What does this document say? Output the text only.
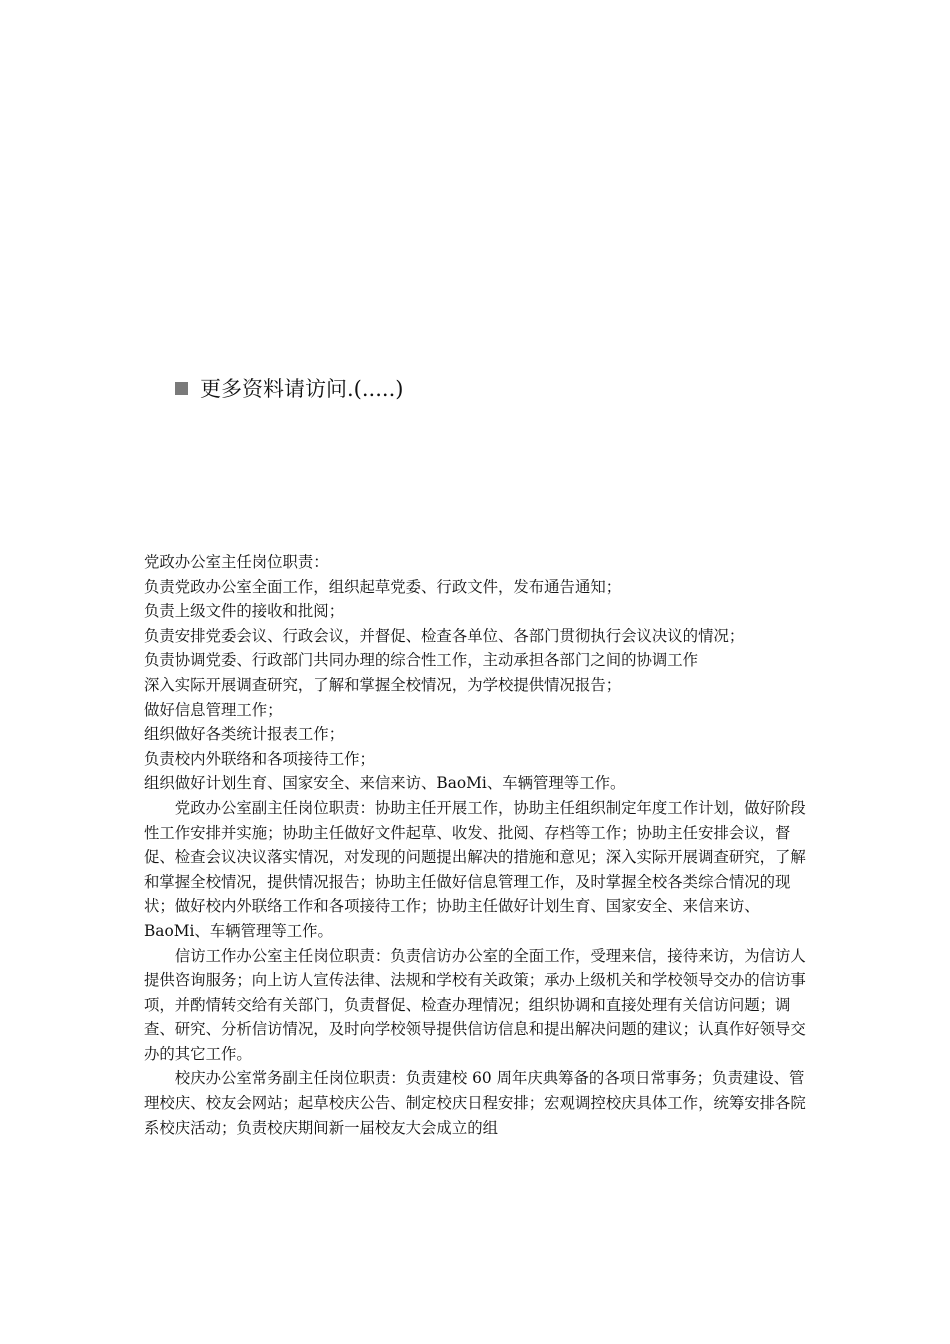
更多资料请访问.(.....)

党政办公室主任岗位职责：

负责党政办公室全面工作，组织起草党委、行政文件，发布通告通知；

负责上级文件的接收和批阅；

负责安排党委会议、行政会议，并督促、检查各单位、各部门贯彻执行会议决议的情况；

负责协调党委、行政部门共同办理的综合性工作，主动承担各部门之间的协调工作

深入实际开展调查研究，了解和掌握全校情况，为学校提供情况报告；

做好信息管理工作；

组织做好各类统计报表工作；

负责校内外联络和各项接待工作；

组织做好计划生育、国家安全、来信来访、BaoMi、车辆管理等工作。

党政办公室副主任岗位职责：协助主任开展工作，协助主任组织制定年度工作计划，做好阶段性工作安排并实施；协助主任做好文件起草、收发、批阅、存档等工作；协助主任安排会议，督促、检查会议决议落实情况，对发现的问题提出解决的措施和意见；深入实际开展调查研究，了解和掌握全校情况，提供情况报告；协助主任做好信息管理工作，及时掌握全校各类综合情况的现状；做好校内外联络工作和各项接待工作；协助主任做好计划生育、国家安全、来信来访、BaoMi、车辆管理等工作。

信访工作办公室主任岗位职责：负责信访办公室的全面工作，受理来信，接待来访，为信访人提供咨询服务；向上访人宣传法律、法规和学校有关政策；承办上级机关和学校领导交办的信访事项，并酌情转交给有关部门，负责督促、检查办理情况；组织协调和直接处理有关信访问题；调查、研究、分析信访情况，及时向学校领导提供信访信息和提出解决问题的建议；认真作好领导交办的其它工作。

校庆办公室常务副主任岗位职责：负责建校 60 周年庆典筹备的各项日常事务；负责建设、管理校庆、校友会网站；起草校庆公告、制定校庆日程安排；宏观调控校庆具体工作，统筹安排各院系校庆活动；负责校庆期间新一届校友大会成立的组
